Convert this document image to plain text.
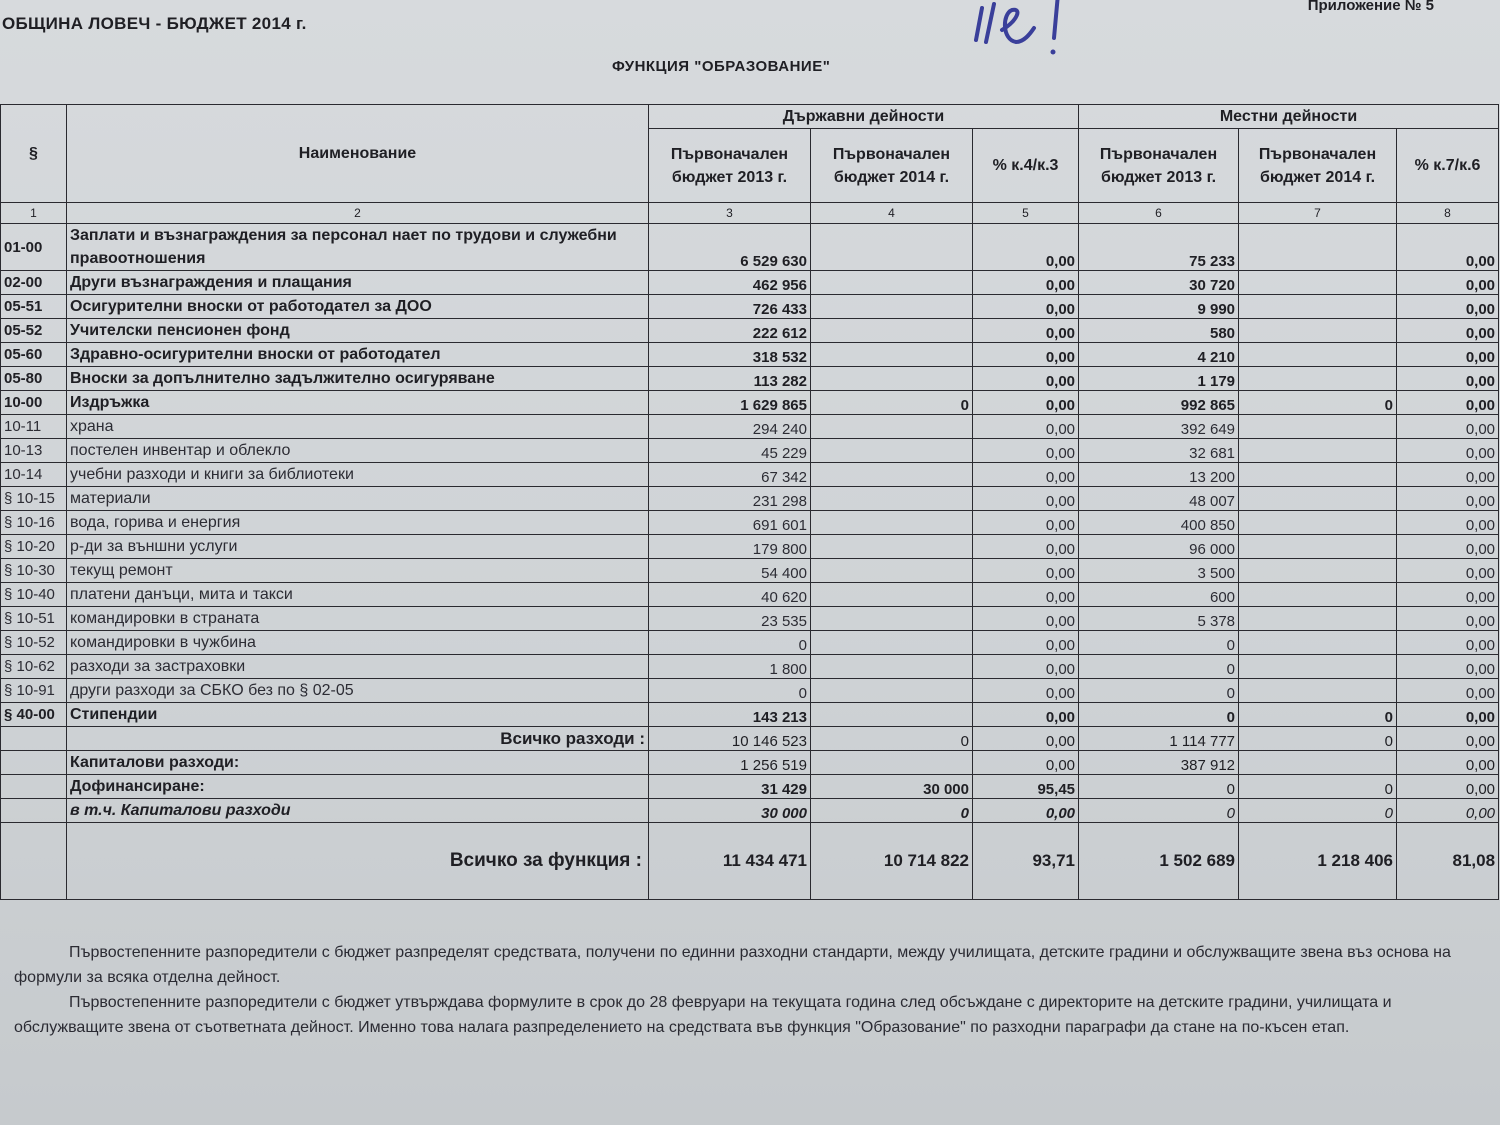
ОБЩИНА ЛОВЕЧ - БЮДЖЕТ 2014 г.
Приложение № 5
ФУНКЦИЯ "ОБРАЗОВАНИЕ"
§	Наименование	Държавни дейности			Местни дейности		
		Първоначален бюджет 2013 г.	Първоначален бюджет 2014 г.	% к.4/к.3	Първоначален бюджет 2013 г.	Първоначален бюджет 2014 г.	% к.7/к.6
1	2	3	4	5	6	7	8
01-00	Заплати и възнаграждения за персонал нает по трудови и служебни правоотношения	6 529 630		0,00	75 233		0,00
02-00	Други възнаграждения и плащания	462 956		0,00	30 720		0,00
05-51	Осигурителни вноски от работодател за ДОО	726 433		0,00	9 990		0,00
05-52	Учителски пенсионен фонд	222 612		0,00	580		0,00
05-60	Здравно-осигурителни вноски от работодател	318 532		0,00	4 210		0,00
05-80	Вноски за допълнително задължително осигуряване	113 282		0,00	1 179		0,00
10-00	Издръжка	1 629 865	0	0,00	992 865	0	0,00
10-11	храна	294 240		0,00	392 649		0,00
10-13	постелен инвентар и облекло	45 229		0,00	32 681		0,00
10-14	учебни разходи и книги за библиотеки	67 342		0,00	13 200		0,00
§ 10-15	материали	231 298		0,00	48 007		0,00
§ 10-16	вода, горива и енергия	691 601		0,00	400 850		0,00
§ 10-20	р-ди за външни услуги	179 800		0,00	96 000		0,00
§ 10-30	текущ ремонт	54 400		0,00	3 500		0,00
§ 10-40	платени данъци, мита и такси	40 620		0,00	600		0,00
§ 10-51	командировки в страната	23 535		0,00	5 378		0,00
§ 10-52	командировки в чужбина	0		0,00	0		0,00
§ 10-62	разходи за застраховки	1 800		0,00	0		0,00
§ 10-91	други разходи за СБКО без по § 02-05	0		0,00	0		0,00
§ 40-00	Стипендии	143 213		0,00	0	0	0,00
	Всичко разходи :	10 146 523	0	0,00	1 114 777	0	0,00
	Капиталови разходи:	1 256 519		0,00	387 912		0,00
	Дофинансиране:	31 429	30 000	95,45	0	0	0,00
	в т.ч. Капиталови разходи	30 000	0	0,00	0	0	0,00
	Всичко за функция :	11 434 471	10 714 822	93,71	1 502 689	1 218 406	81,08

Първостепенните разпоредители с бюджет разпределят средствата, получени по единни разходни стандарти, между училищата, детските градини и обслужващите звена въз основа на формули за всяка отделна дейност.

Първостепенните разпоредители с бюджет утвърждава формулите в срок до 28 февруари на текущата година след обсъждане с директорите на детските градини, училищата и обслужващите звена от съответната дейност. Именно това налага разпределението на средствата във функция "Образование" по разходни параграфи да стане на по-късен етап.
